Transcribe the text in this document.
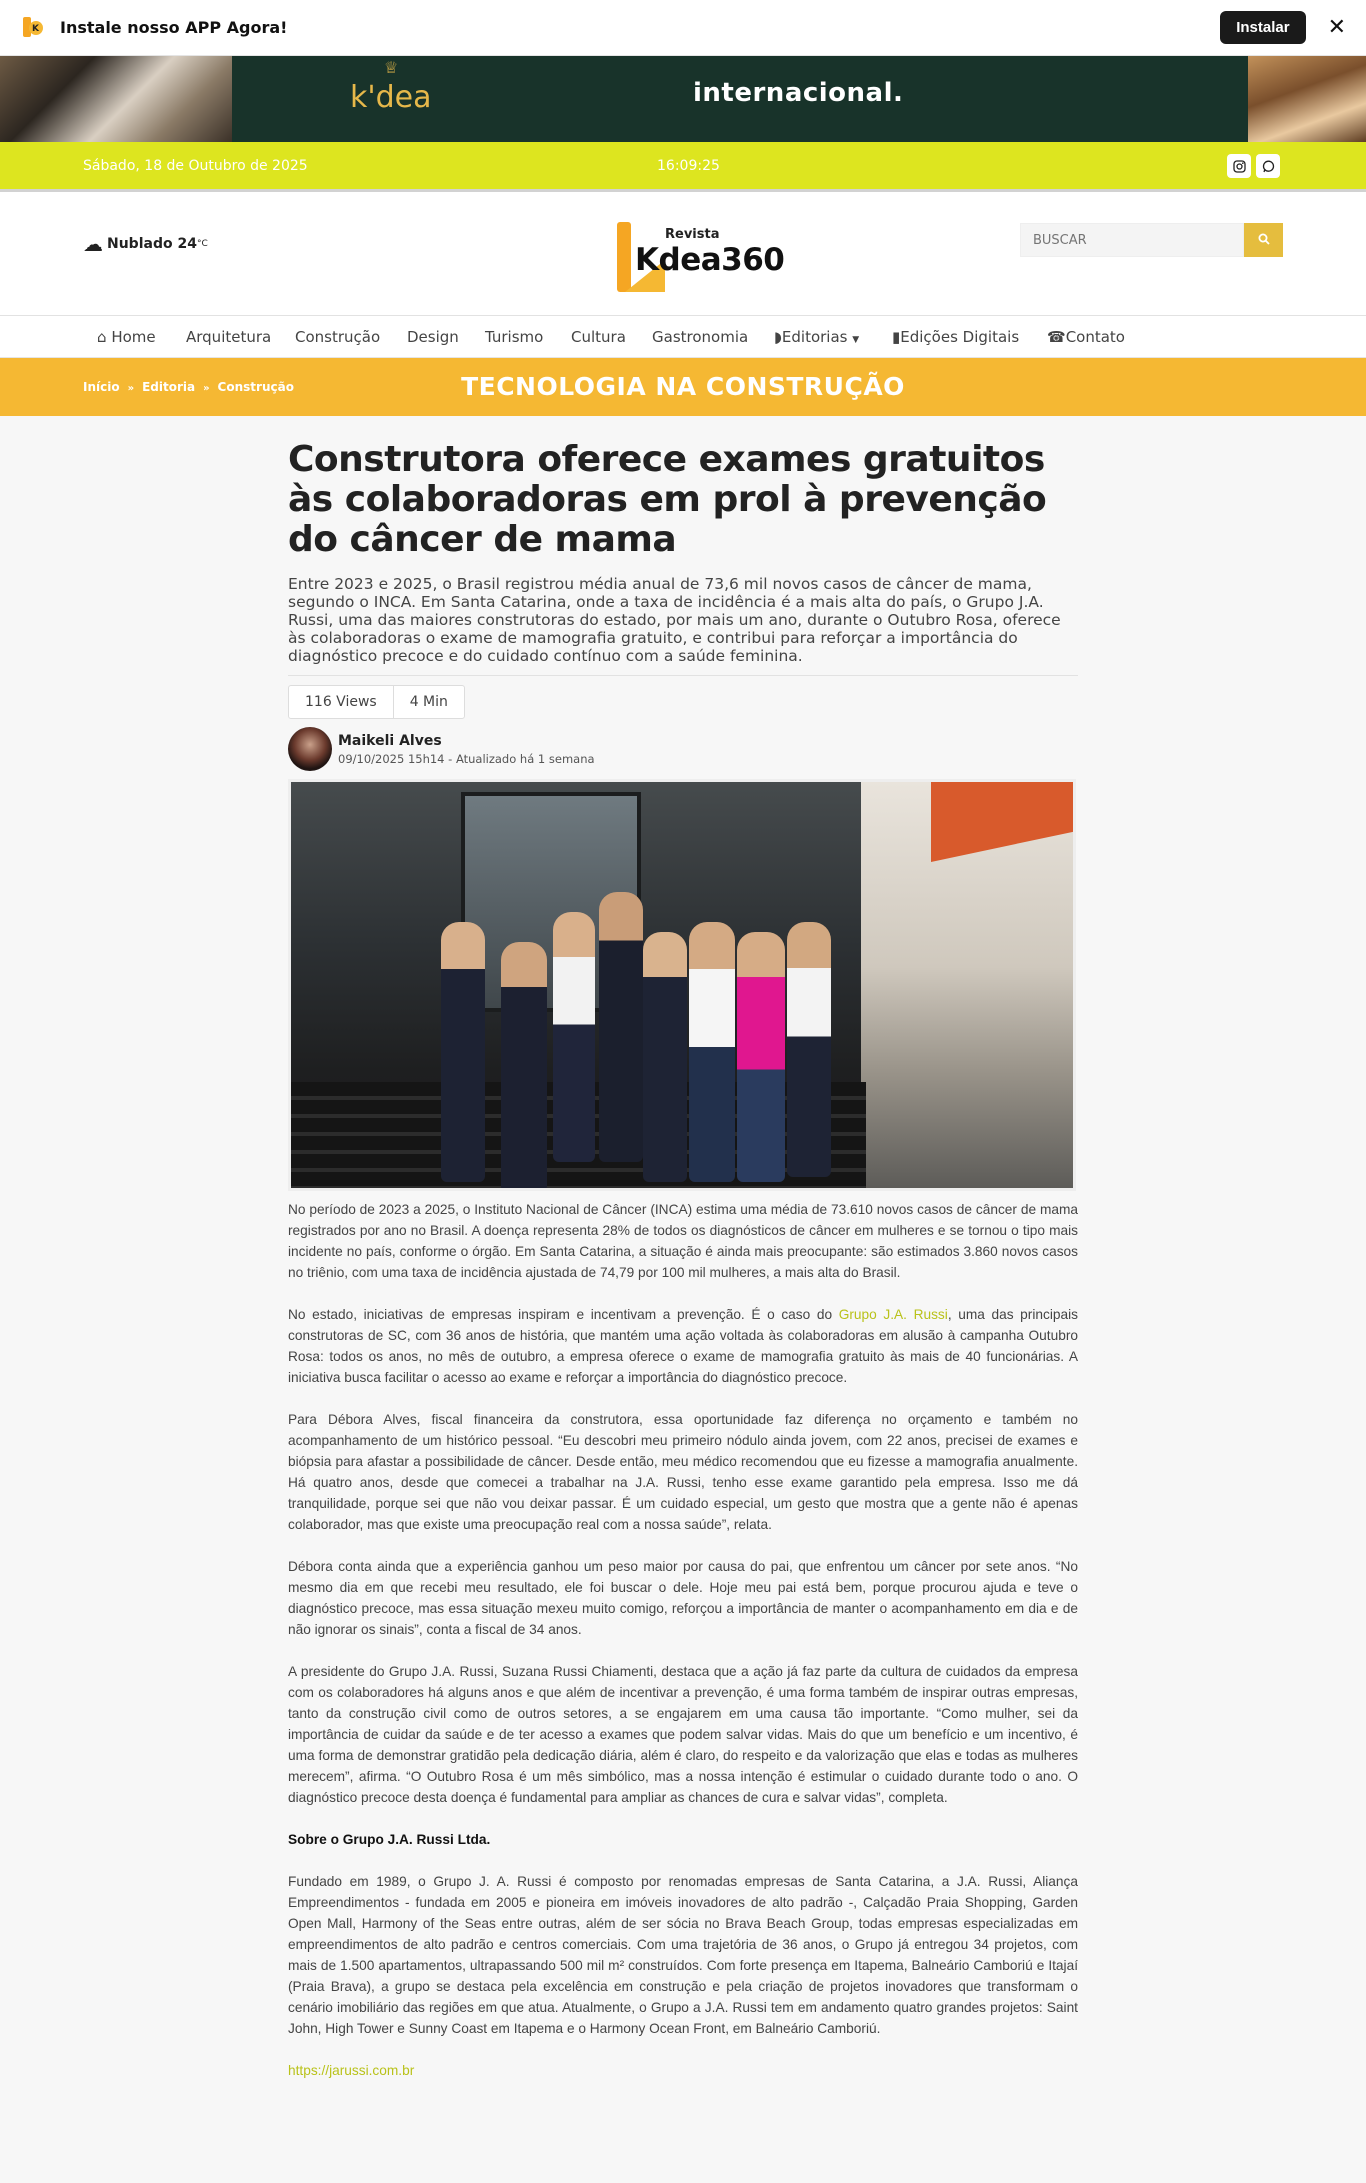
K Instale nosso APP Agora!	Instalar	✕
♕
k'dea	internacional.
Sábado, 18 de Outubro de 2025	16:09:25
☁ Nublado 24 °C
Revista
Kdea360
BUSCAR
⌂ Home Arquitetura Construção Design Turismo Cultura Gastronomia ◗Editorias ▼ ▮Edições Digitais ☎Contato
Início » Editoria » Construção	TECNOLOGIA NA CONSTRUÇÃO
Construtora oferece exames gratuitos às colaboradoras em prol à prevenção do câncer de mama

Entre 2023 e 2025, o Brasil registrou média anual de 73,6 mil novos casos de câncer de mama, segundo o INCA. Em Santa Catarina, onde a taxa de incidência é a mais alta do país, o Grupo J.A. Russi, uma das maiores construtoras do estado, por mais um ano, durante o Outubro Rosa, oferece às colaboradoras o exame de mamografia gratuito, e contribui para reforçar a importância do diagnóstico precoce e do cuidado contínuo com a saúde feminina.

116 Views	4 Min
Maikeli Alves
09/10/2025 15h14 - Atualizado há 1 semana

No período de 2023 a 2025, o Instituto Nacional de Câncer (INCA) estima uma média de 73.610 novos casos de câncer de mama registrados por ano no Brasil. A doença representa 28% de todos os diagnósticos de câncer em mulheres e se tornou o tipo mais incidente no país, conforme o órgão. Em Santa Catarina, a situação é ainda mais preocupante: são estimados 3.860 novos casos no triênio, com uma taxa de incidência ajustada de 74,79 por 100 mil mulheres, a mais alta do Brasil.

No estado, iniciativas de empresas inspiram e incentivam a prevenção. É o caso do Grupo J.A. Russi, uma das principais construtoras de SC, com 36 anos de história, que mantém uma ação voltada às colaboradoras em alusão à campanha Outubro Rosa: todos os anos, no mês de outubro, a empresa oferece o exame de mamografia gratuito às mais de 40 funcionárias. A iniciativa busca facilitar o acesso ao exame e reforçar a importância do diagnóstico precoce.

Para Débora Alves, fiscal financeira da construtora, essa oportunidade faz diferença no orçamento e também no acompanhamento de um histórico pessoal. “Eu descobri meu primeiro nódulo ainda jovem, com 22 anos, precisei de exames e biópsia para afastar a possibilidade de câncer. Desde então, meu médico recomendou que eu fizesse a mamografia anualmente. Há quatro anos, desde que comecei a trabalhar na J.A. Russi, tenho esse exame garantido pela empresa. Isso me dá tranquilidade, porque sei que não vou deixar passar. É um cuidado especial, um gesto que mostra que a gente não é apenas colaborador, mas que existe uma preocupação real com a nossa saúde”, relata.

Débora conta ainda que a experiência ganhou um peso maior por causa do pai, que enfrentou um câncer por sete anos. “No mesmo dia em que recebi meu resultado, ele foi buscar o dele. Hoje meu pai está bem, porque procurou ajuda e teve o diagnóstico precoce, mas essa situação mexeu muito comigo, reforçou a importância de manter o acompanhamento em dia e de não ignorar os sinais”, conta a fiscal de 34 anos.

A presidente do Grupo J.A. Russi, Suzana Russi Chiamenti, destaca que a ação já faz parte da cultura de cuidados da empresa com os colaboradores há alguns anos e que além de incentivar a prevenção, é uma forma também de inspirar outras empresas, tanto da construção civil como de outros setores, a se engajarem em uma causa tão importante. “Como mulher, sei da importância de cuidar da saúde e de ter acesso a exames que podem salvar vidas. Mais do que um benefício e um incentivo, é uma forma de demonstrar gratidão pela dedicação diária, além é claro, do respeito e da valorização que elas e todas as mulheres merecem”, afirma. “O Outubro Rosa é um mês simbólico, mas a nossa intenção é estimular o cuidado durante todo o ano. O diagnóstico precoce desta doença é fundamental para ampliar as chances de cura e salvar vidas”, completa.

Sobre o Grupo J.A. Russi Ltda.

Fundado em 1989, o Grupo J. A. Russi é composto por renomadas empresas de Santa Catarina, a J.A. Russi, Aliança Empreendimentos - fundada em 2005 e pioneira em imóveis inovadores de alto padrão -, Calçadão Praia Shopping, Garden Open Mall, Harmony of the Seas entre outras, além de ser sócia no Brava Beach Group, todas empresas especializadas em empreendimentos de alto padrão e centros comerciais. Com uma trajetória de 36 anos, o Grupo já entregou 34 projetos, com mais de 1.500 apartamentos, ultrapassando 500 mil m² construídos. Com forte presença em Itapema, Balneário Camboriú e Itajaí (Praia Brava), a grupo se destaca pela excelência em construção e pela criação de projetos inovadores que transformam o cenário imobiliário das regiões em que atua. Atualmente, o Grupo a J.A. Russi tem em andamento quatro grandes projetos: Saint John, High Tower e Sunny Coast em Itapema e o Harmony Ocean Front, em Balneário Camboriú.

https://jarussi.com.br
